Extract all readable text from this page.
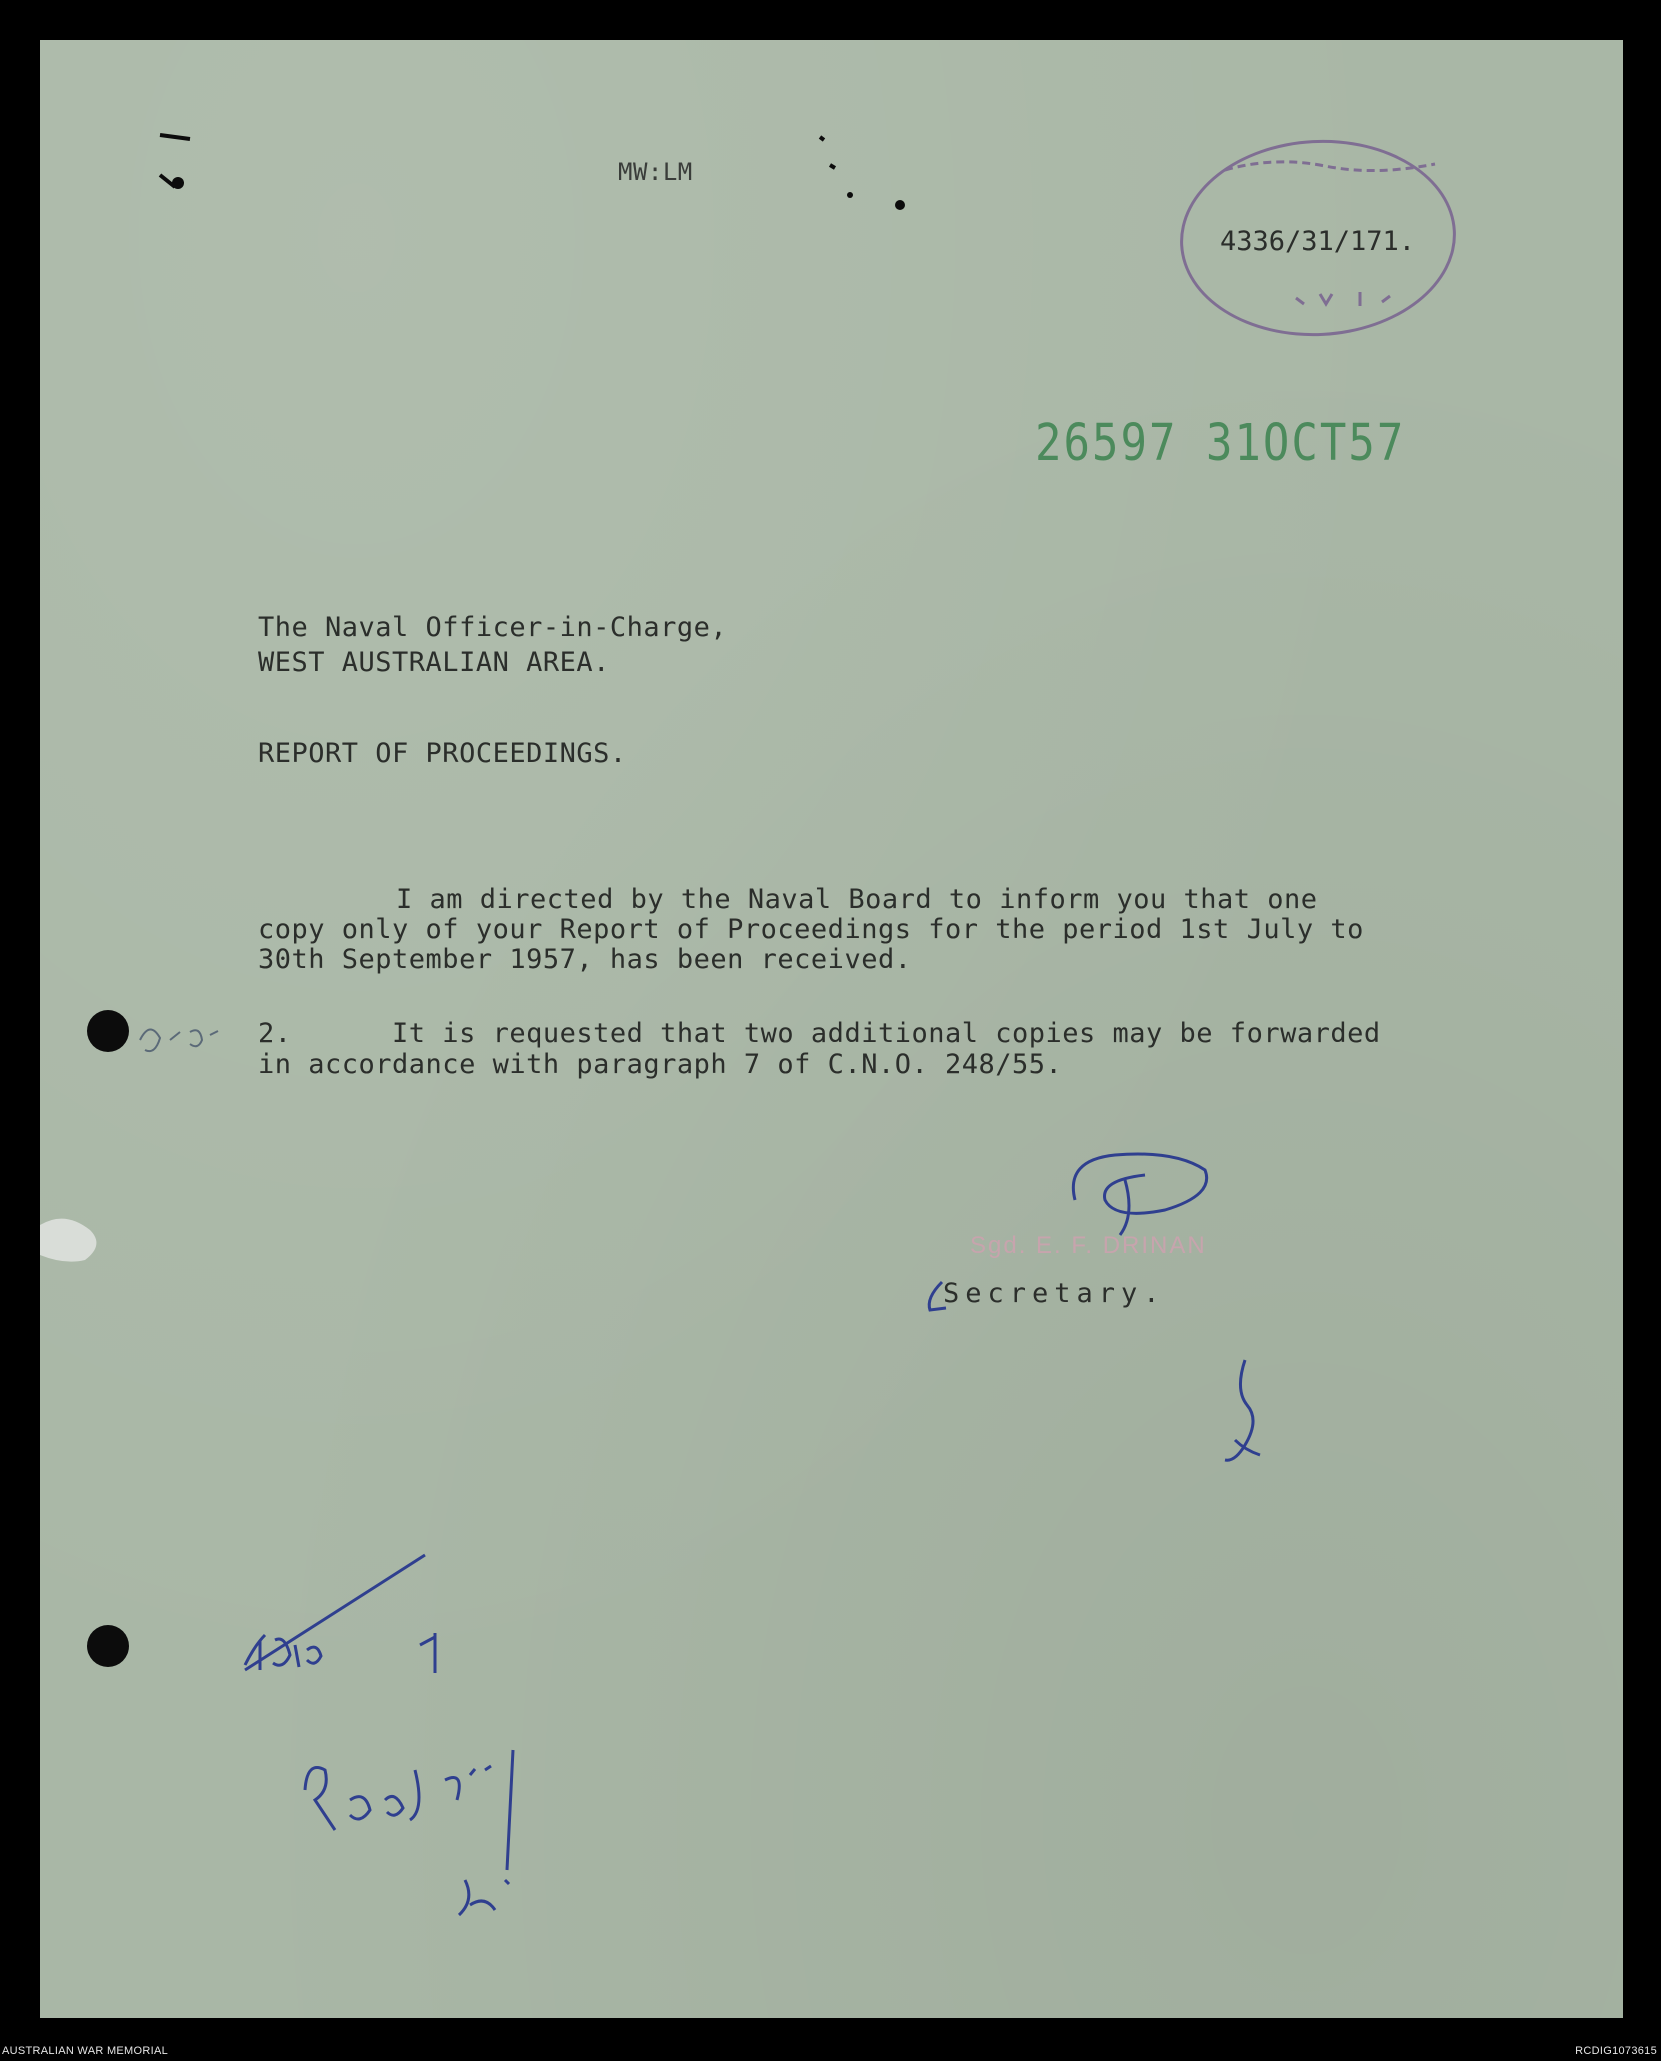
MW:LM
4336/31/171.
26597 31OCT57
The Naval Officer-in-Charge,
WEST AUSTRALIAN AREA.
REPORT OF PROCEEDINGS.
I am directed by the Naval Board to inform you that one
copy only of your Report of Proceedings for the period 1st July to
30th September 1957, has been received.
2.      It is requested that two additional copies may be forwarded
in accordance with paragraph 7 of C.N.O. 248/55.
Sgd. E. F. DRINAN
Secretary.
AUSTRALIAN WAR MEMORIAL	RCDIG1073615
